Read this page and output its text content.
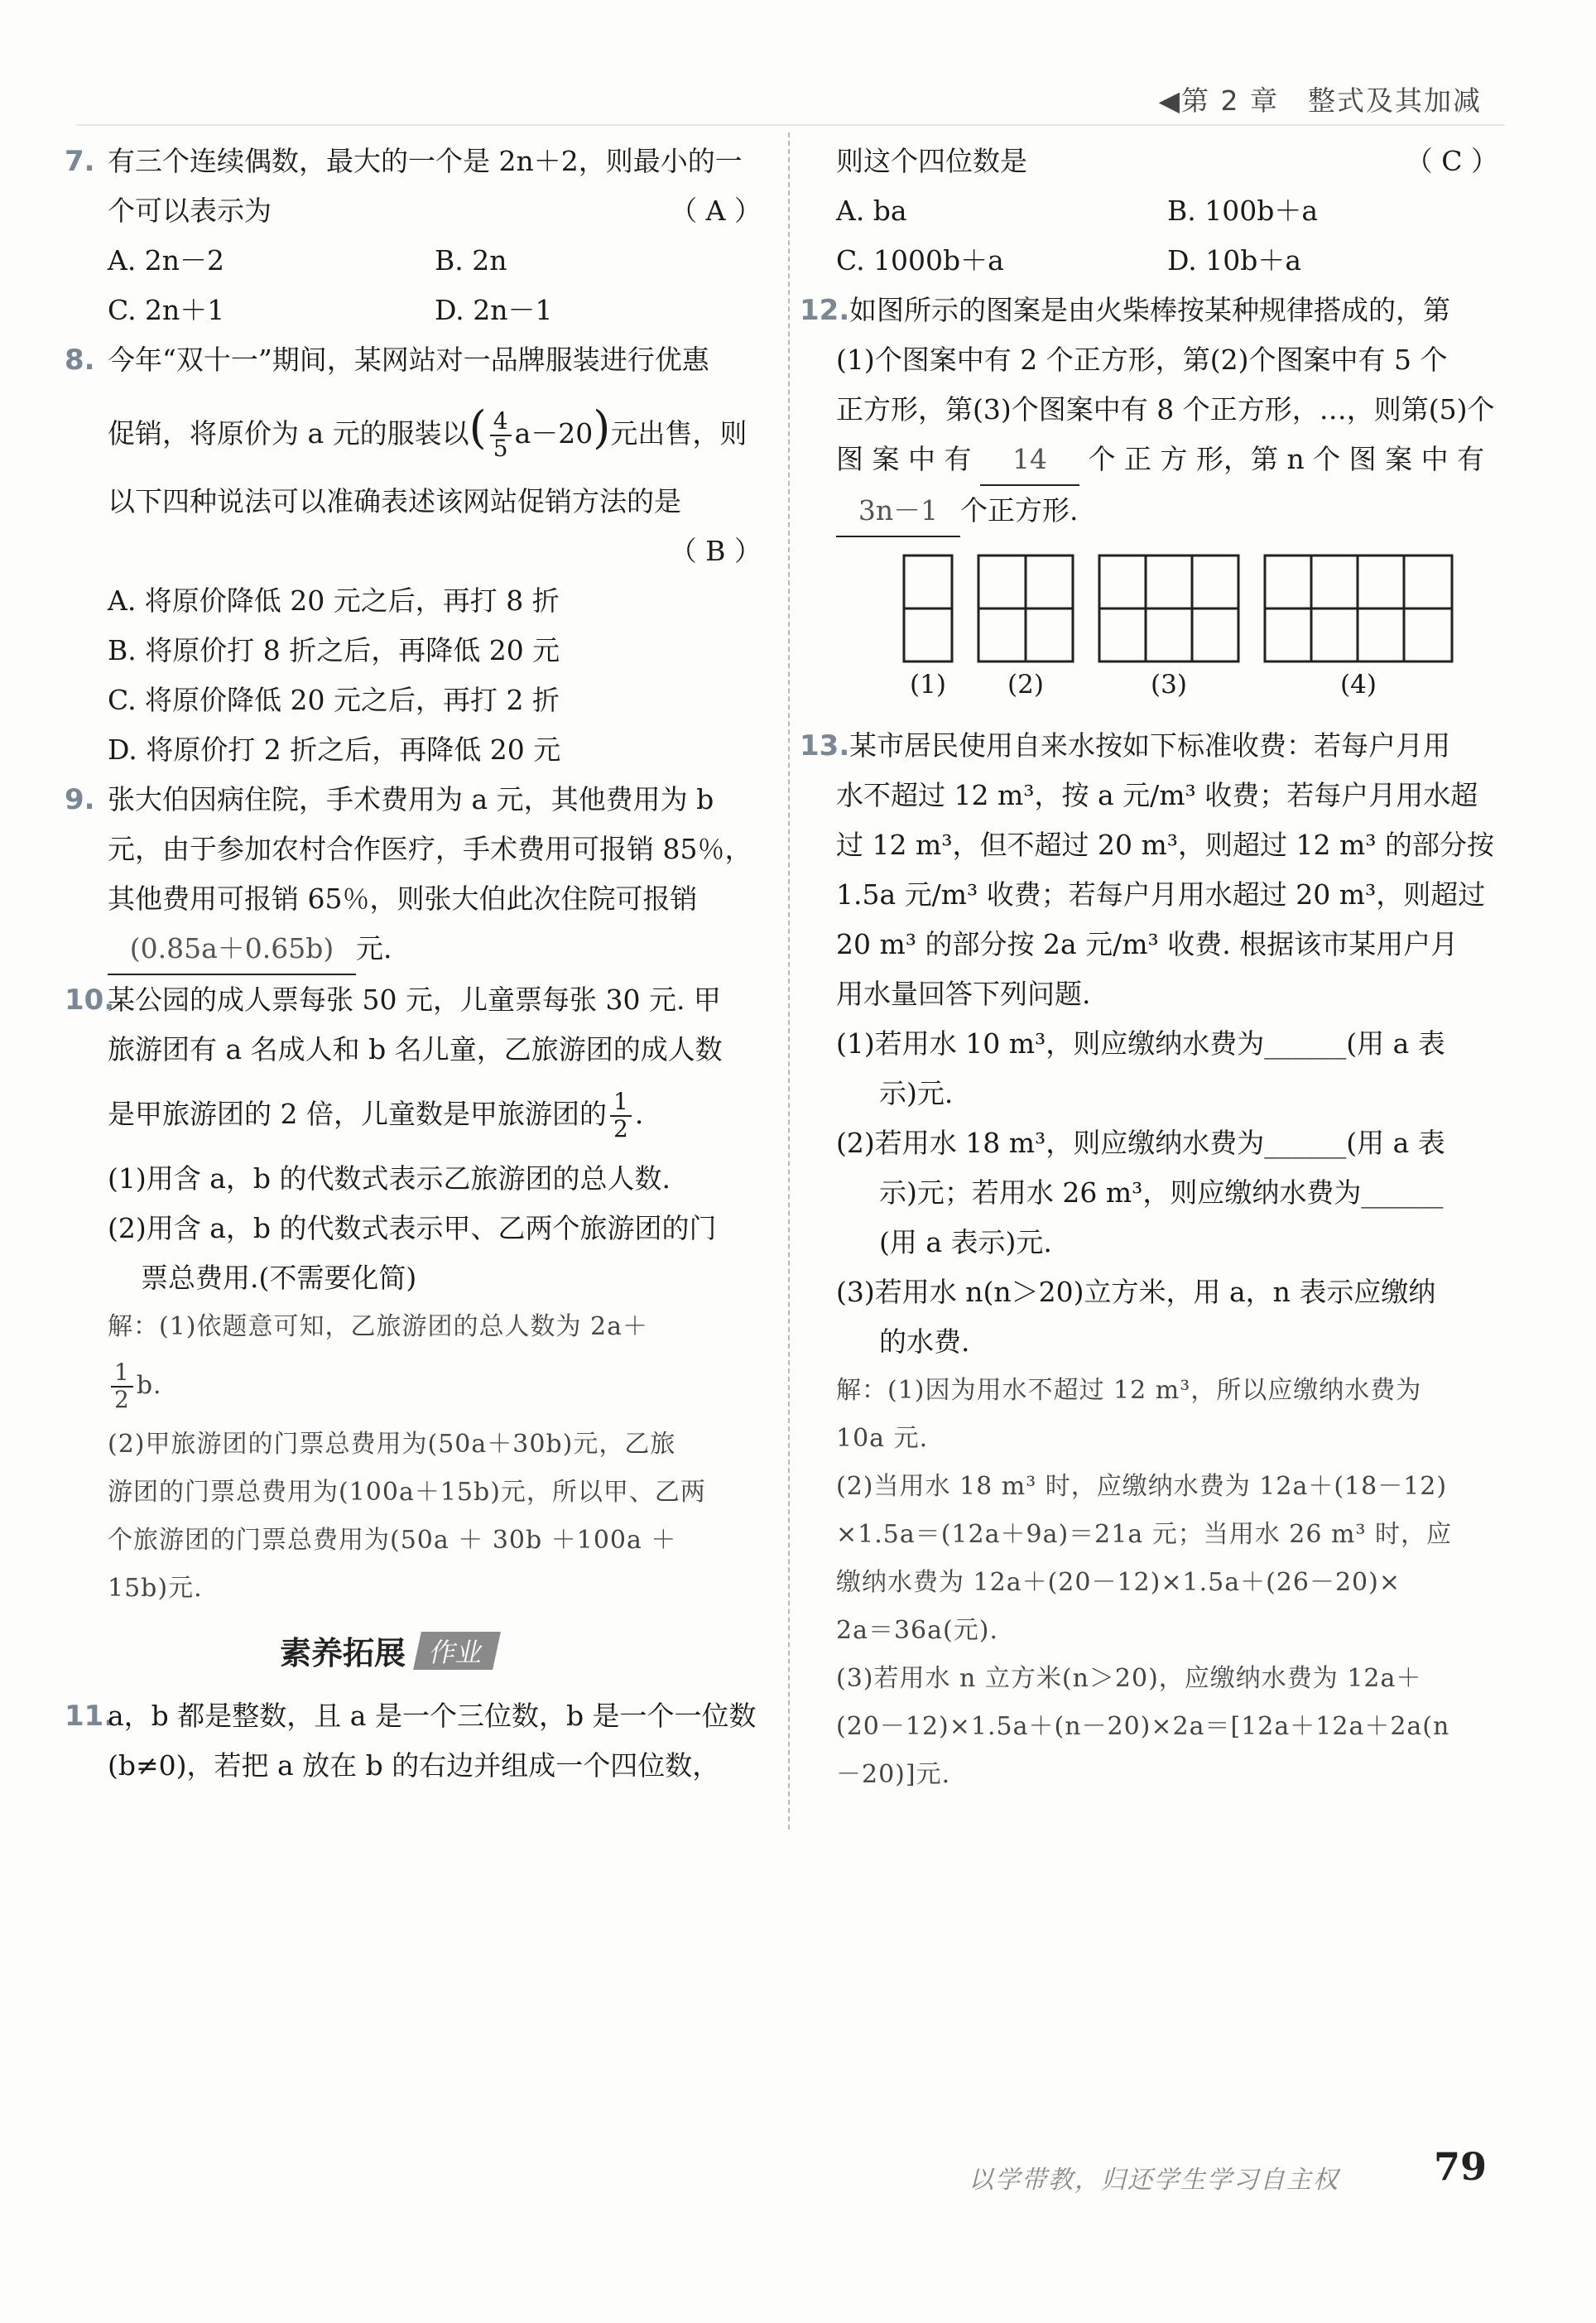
◀第 2 章　整式及其加减
7. 有三个连续偶数，最大的一个是 2n＋2，则最小的一
个可以表示为	（ A ）
A. 2n－2	B. 2n
C. 2n＋1	D. 2n－1
8. 今年“双十一”期间，某网站对一品牌服装进行优惠
促销，将原价为 a 元的服装以( $\frac{4}{5} a-20$)元出售，则
以下四种说法可以准确表述该网站促销方法的是
（ B ）
A. 将原价降低 20 元之后，再打 8 折
B. 将原价打 8 折之后，再降低 20 元
C. 将原价降低 20 元之后，再打 2 折
D. 将原价打 2 折之后，再降低 20 元
9. 张大伯因病住院，手术费用为 a 元，其他费用为 b
元，由于参加农村合作医疗，手术费用可报销 85％，
其他费用可报销 65％，则张大伯此次住院可报销
(0.85a＋0.65b) 元.
10.某公园的成人票每张 50 元，儿童票每张 30 元. 甲
旅游团有 a 名成人和 b 名儿童，乙旅游团的成人数
是甲旅游团的 2 倍，儿童数是甲旅游团的 $\frac{1}{2}$ .
(1)用含 a，b 的代数式表示乙旅游团的总人数.
(2)用含 a，b 的代数式表示甲、乙两个旅游团的门
票总费用.(不需要化简)
解：(1)依题意可知，乙旅游团的总人数为 2a＋
$\frac{1}{2} b$.
(2)甲旅游团的门票总费用为(50a＋30b)元，乙旅
游团的门票总费用为(100a＋15b)元，所以甲、乙两
个旅游团的门票总费用为(50a ＋ 30b ＋100a ＋
15b)元.
素养拓展 作业
11.a，b 都是整数，且 a 是一个三位数，b 是一个一位数
(b≠0)，若把 a 放在 b 的右边并组成一个四位数，
则这个四位数是	（ C ）
A. ba	B. 100b＋a
C. 1000b＋a	D. 10b＋a
12.如图所示的图案是由火柴棒按某种规律搭成的，第
(1)个图案中有 2 个正方形，第(2)个图案中有 5 个
正方形，第(3)个图案中有 8 个正方形，…，则第(5)个
图 案 中 有 14 个 正 方 形，第 n 个 图 案 中 有
3n－1 个正方形.
(1)	(2)	(3)	(4)
13.某市居民使用自来水按如下标准收费：若每户月用
水不超过 12 m³，按 a 元/m³ 收费；若每户月用水超
过 12 m³，但不超过 20 m³，则超过 12 m³ 的部分按
1.5a 元/m³ 收费；若每户月用水超过 20 m³，则超过
20 m³ 的部分按 2a 元/m³ 收费. 根据该市某用户月
用水量回答下列问题.
(1)若用水 10 m³，则应缴纳水费为______(用 a 表
示)元.
(2)若用水 18 m³，则应缴纳水费为______(用 a 表
示)元；若用水 26 m³，则应缴纳水费为______
(用 a 表示)元.
(3)若用水 n(n＞20)立方米，用 a，n 表示应缴纳
的水费.
解：(1)因为用水不超过 12 m³，所以应缴纳水费为
10a 元.
(2)当用水 18 m³ 时，应缴纳水费为 12a＋(18－12)
×1.5a＝(12a＋9a)＝21a 元；当用水 26 m³ 时，应
缴纳水费为 12a＋(20－12)×1.5a＋(26－20)×
2a＝36a(元).
(3)若用水 n 立方米(n＞20)，应缴纳水费为 12a＋
(20－12)×1.5a＋(n－20)×2a＝[12a＋12a＋2a(n
－20)]元.
以学带教，归还学生学习自主权 79
